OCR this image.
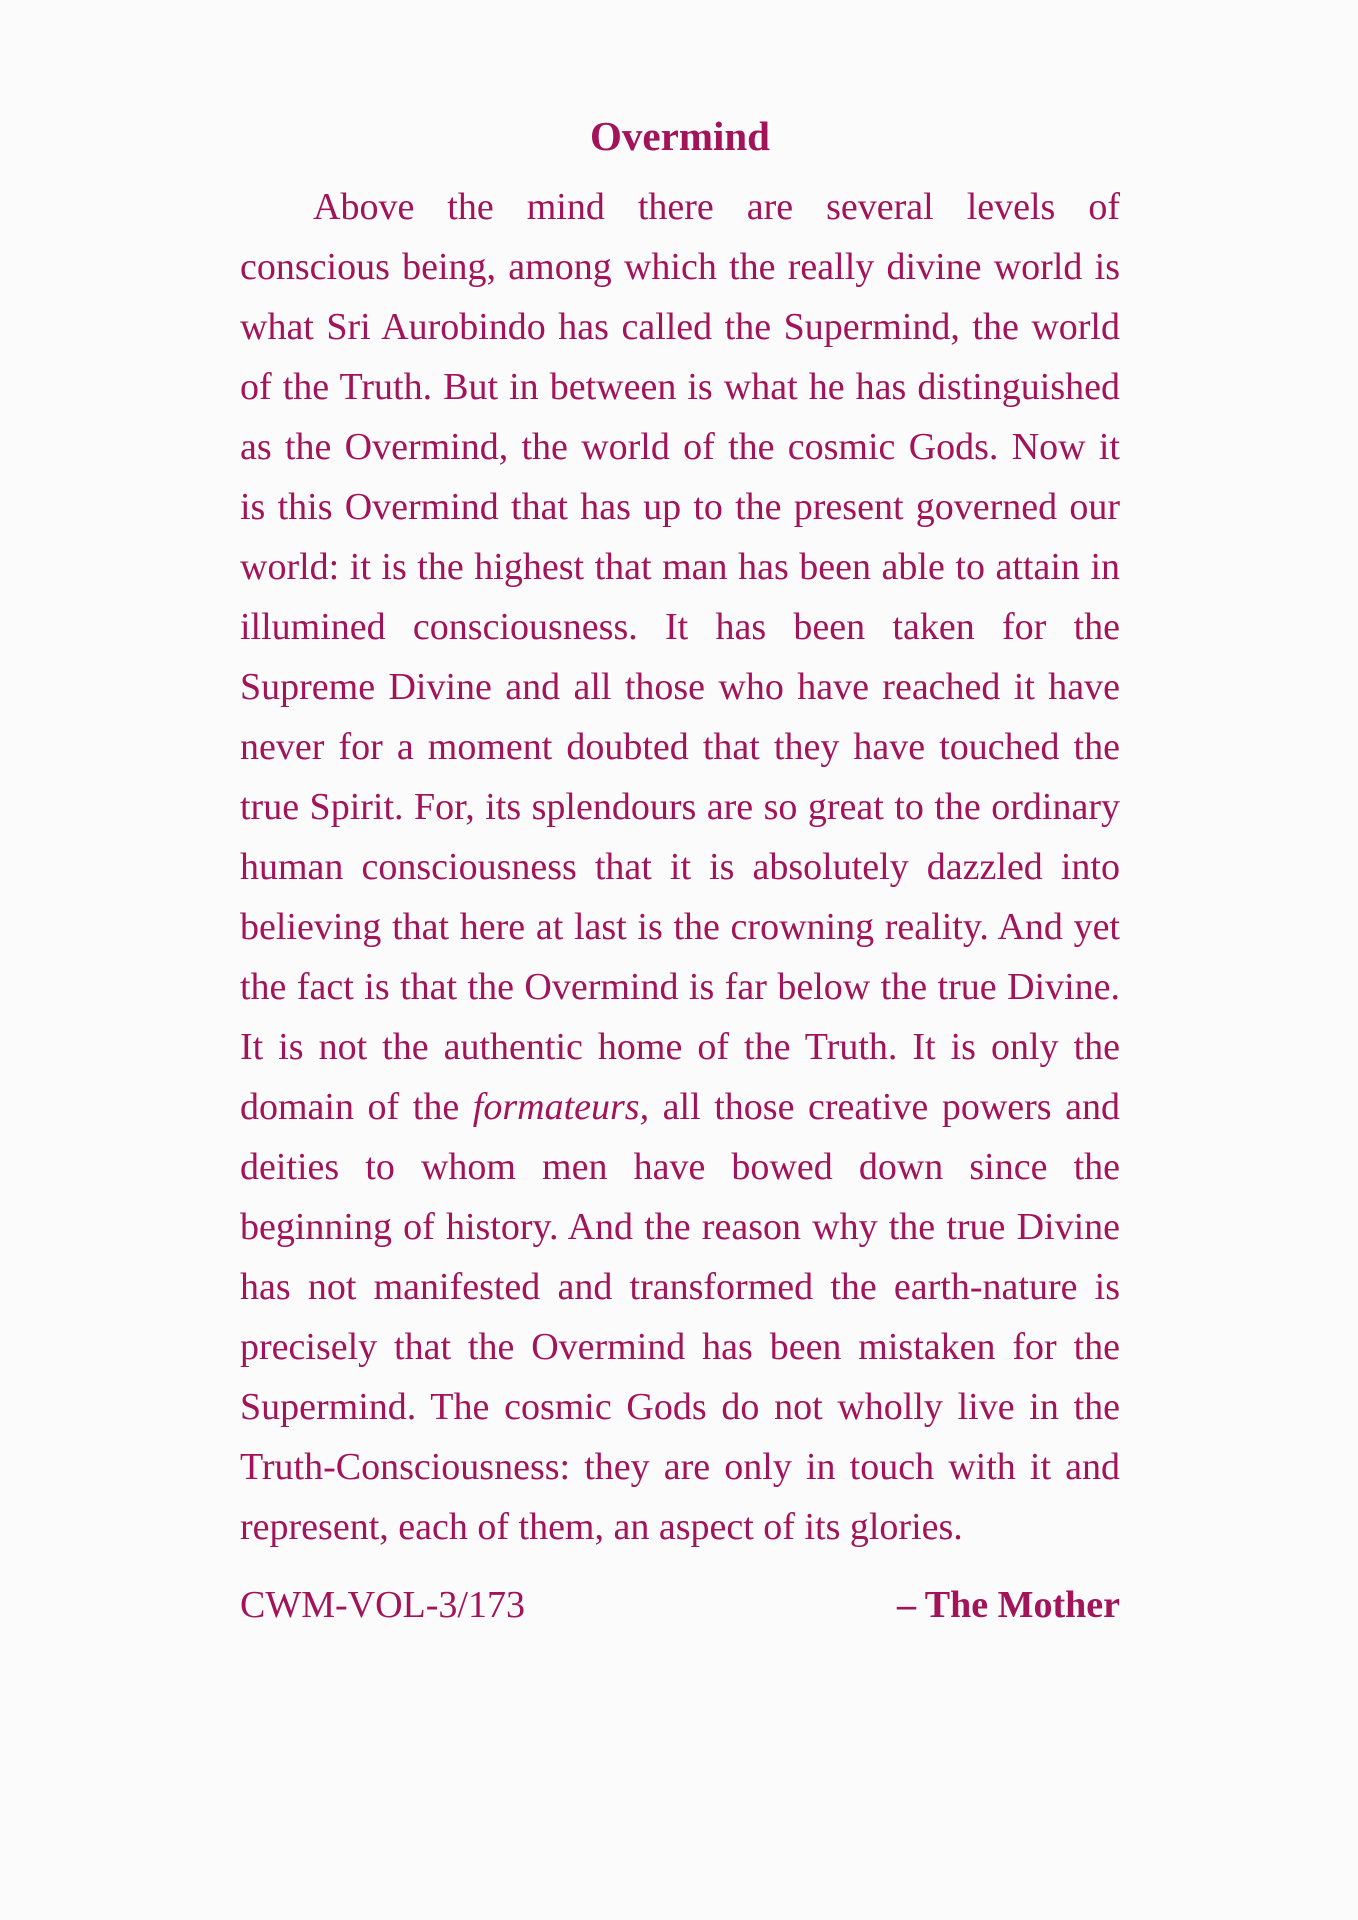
Overmind
Above the mind there are several levels of
conscious being, among which the really divine world is
what Sri Aurobindo has called the Supermind, the world
of the Truth. But in between is what he has distinguished
as the Overmind, the world of the cosmic Gods. Now it
is this Overmind that has up to the present governed our
world: it is the highest that man has been able to attain in
illumined consciousness. It has been taken for the
Supreme Divine and all those who have reached it have
never for a moment doubted that they have touched the
true Spirit. For, its splendours are so great to the ordinary
human consciousness that it is absolutely dazzled into
believing that here at last is the crowning reality. And yet
the fact is that the Overmind is far below the true Divine.
It is not the authentic home of the Truth. It is only the
domain of the formateurs, all those creative powers and
deities to whom men have bowed down since the
beginning of history. And the reason why the true Divine
has not manifested and transformed the earth-nature is
precisely that the Overmind has been mistaken for the
Supermind. The cosmic Gods do not wholly live in the
Truth-Consciousness: they are only in touch with it and
represent, each of them, an aspect of its glories.
CWM-VOL-3/173	– The Mother
